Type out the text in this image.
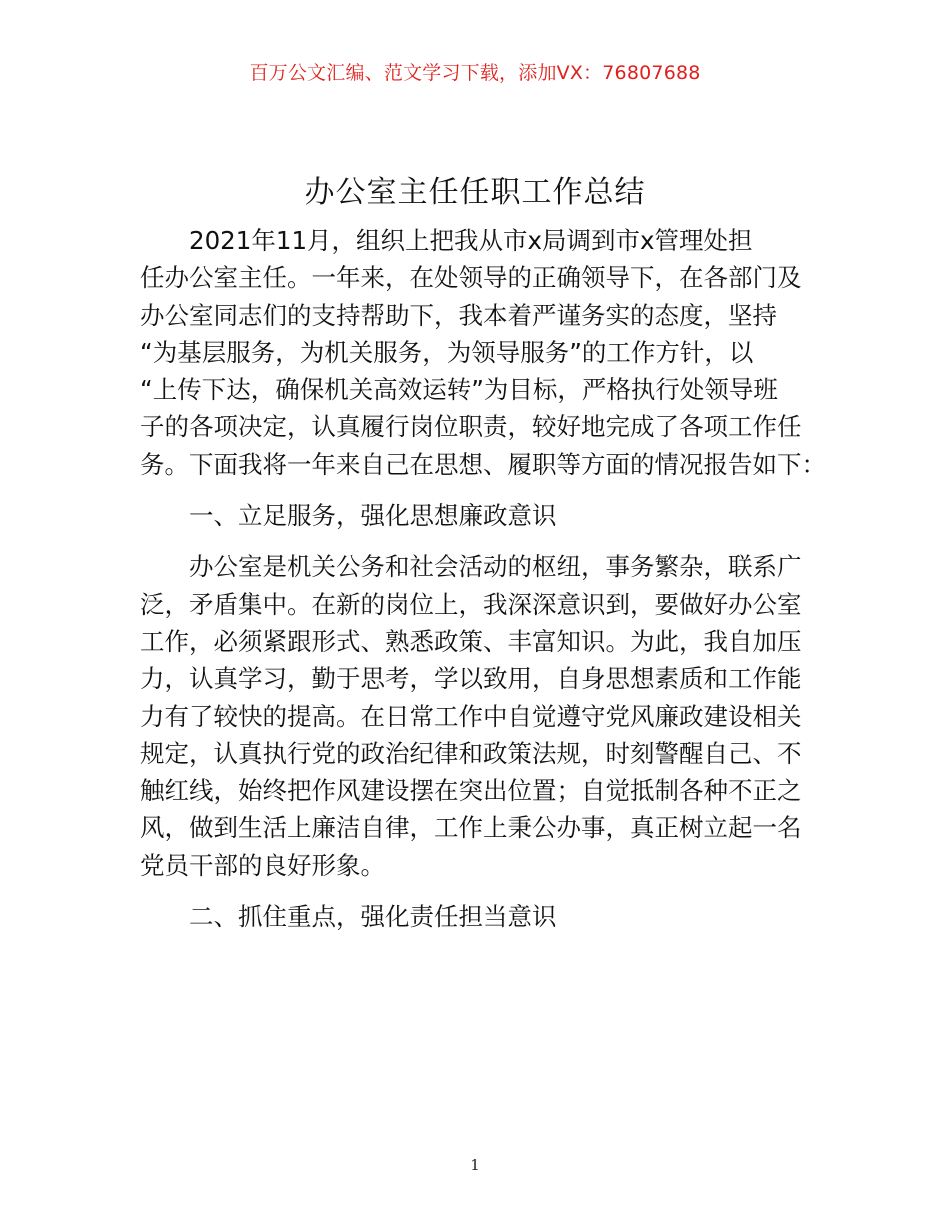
百万公文汇编、范文学习下载，添加VX：76807688
办公室主任任职工作总结
2021年11月，组织上把我从市x局调到市x管理处担
任办公室主任。一年来，在处领导的正确领导下，在各部门及
办公室同志们的支持帮助下，我本着严谨务实的态度，坚持
“为基层服务，为机关服务，为领导服务”的工作方针，以
“上传下达，确保机关高效运转”为目标，严格执行处领导班
子的各项决定，认真履行岗位职责，较好地完成了各项工作任
务。下面我将一年来自己在思想、履职等方面的情况报告如下：
一、立足服务，强化思想廉政意识
办公室是机关公务和社会活动的枢纽，事务繁杂，联系广
泛，矛盾集中。在新的岗位上，我深深意识到，要做好办公室
工作，必须紧跟形式、熟悉政策、丰富知识。为此，我自加压
力，认真学习，勤于思考，学以致用，自身思想素质和工作能
力有了较快的提高。在日常工作中自觉遵守党风廉政建设相关
规定，认真执行党的政治纪律和政策法规，时刻警醒自己、不
触红线，始终把作风建设摆在突出位置；自觉抵制各种不正之
风，做到生活上廉洁自律，工作上秉公办事，真正树立起一名
党员干部的良好形象。
二、抓住重点，强化责任担当意识
1
